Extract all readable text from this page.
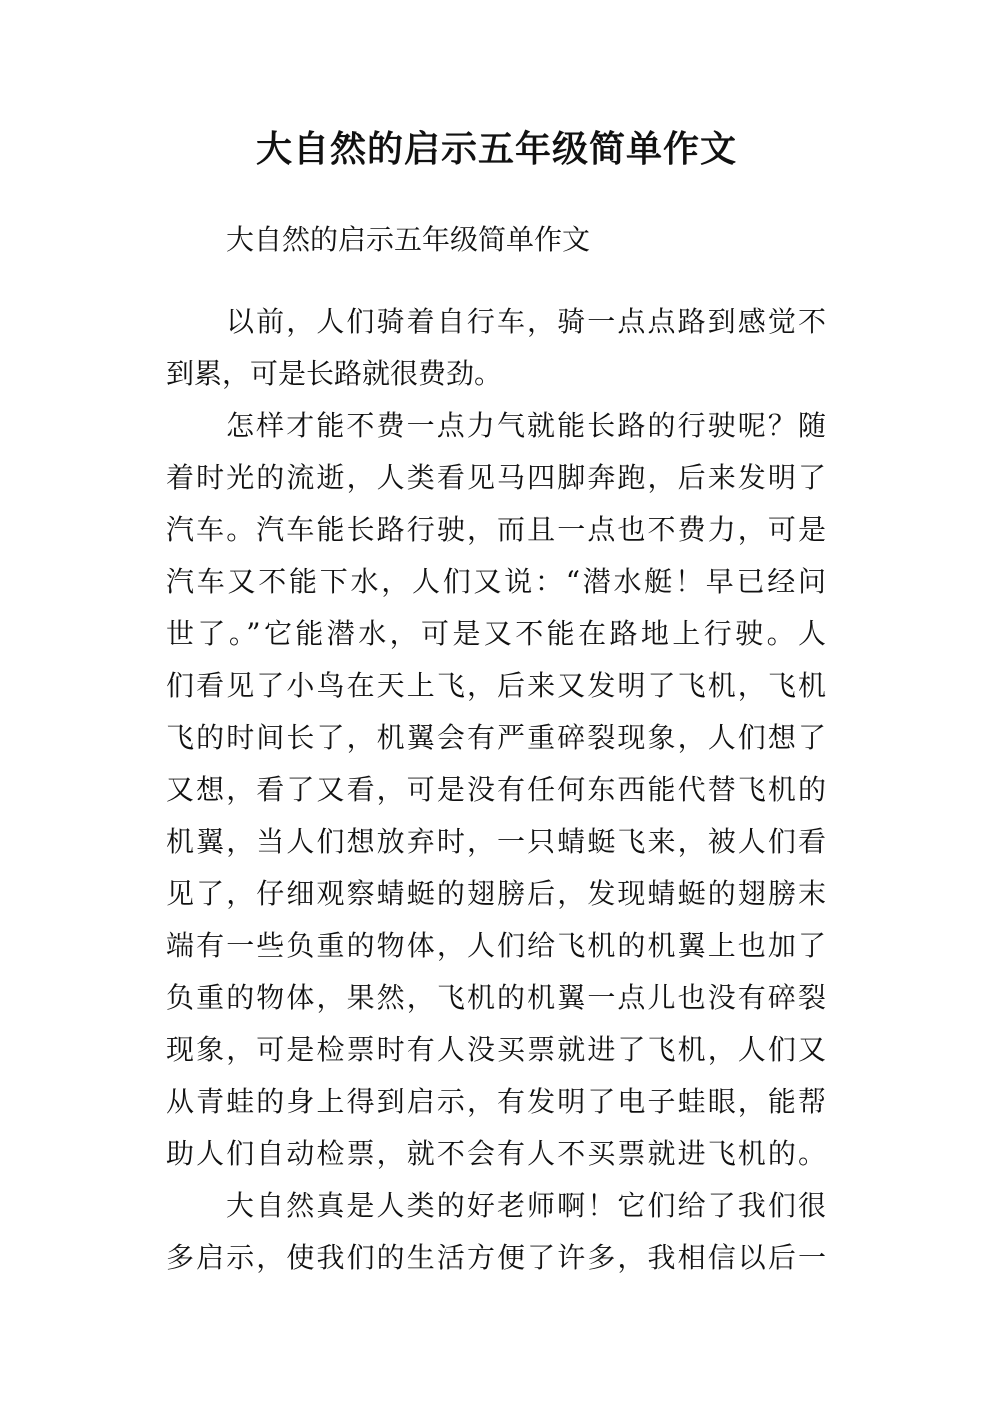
大自然的启示五年级简单作文
大自然的启示五年级简单作文
以前，人们骑着自行车，骑一点点路到感觉不
到累，可是长路就很费劲。
怎样才能不费一点力气就能长路的行驶呢？随
着时光的流逝，人类看见马四脚奔跑，后来发明了
汽车。汽车能长路行驶，而且一点也不费力，可是
汽车又不能下水，人们又说：“潜水艇！早已经问
世了。”它能潜水，可是又不能在路地上行驶。人
们看见了小鸟在天上飞，后来又发明了飞机，飞机
飞的时间长了，机翼会有严重碎裂现象，人们想了
又想，看了又看，可是没有任何东西能代替飞机的
机翼，当人们想放弃时，一只蜻蜓飞来，被人们看
见了，仔细观察蜻蜓的翅膀后，发现蜻蜓的翅膀末
端有一些负重的物体，人们给飞机的机翼上也加了
负重的物体，果然，飞机的机翼一点儿也没有碎裂
现象，可是检票时有人没买票就进了飞机，人们又
从青蛙的身上得到启示，有发明了电子蛙眼，能帮
助人们自动检票，就不会有人不买票就进飞机的。
大自然真是人类的好老师啊！它们给了我们很
多启示，使我们的生活方便了许多，我相信以后一
